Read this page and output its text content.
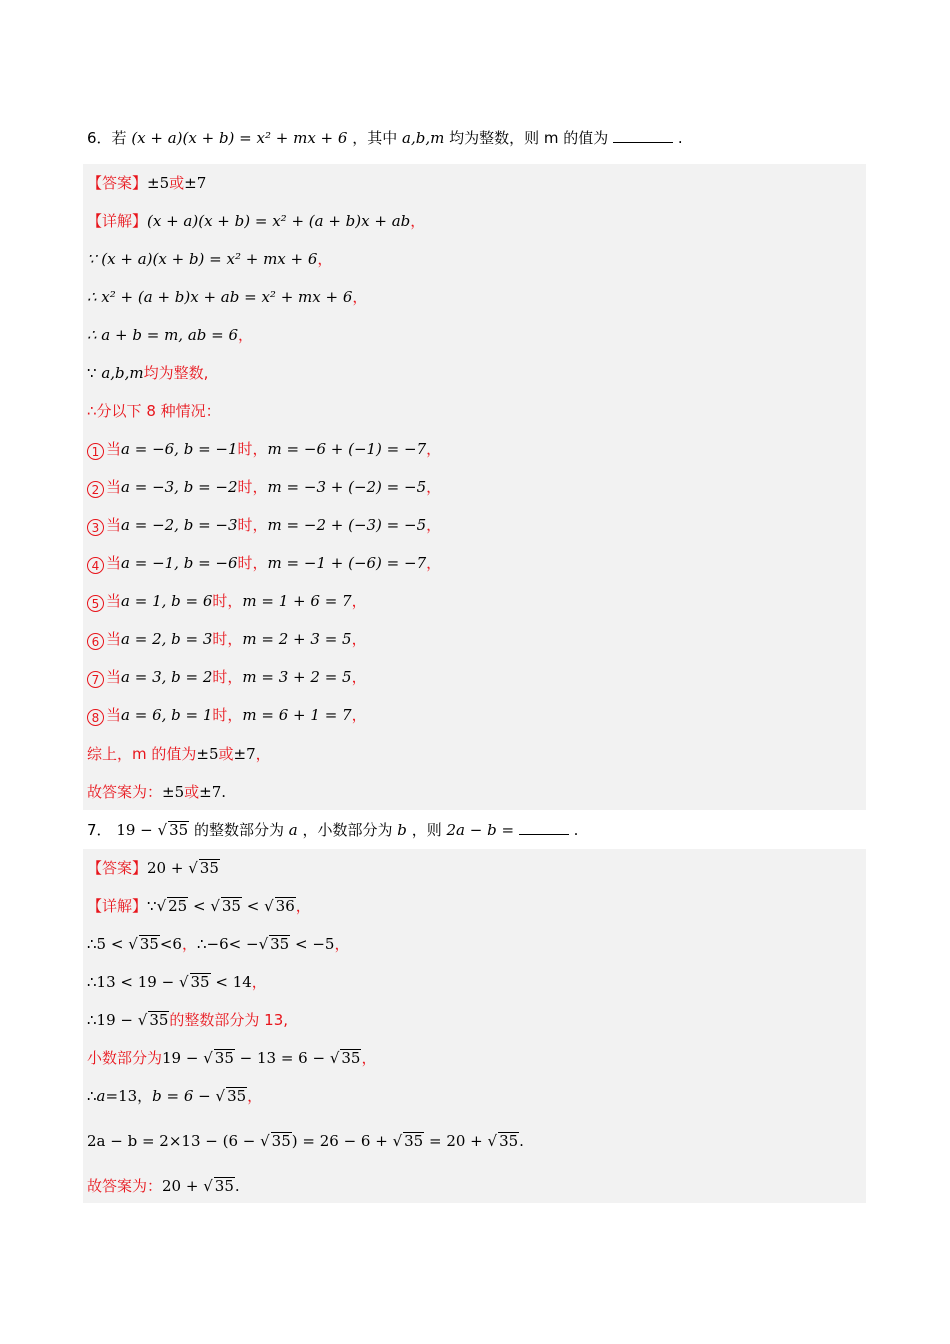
6．若 (x + a)(x + b) = x² + mx + 6 ，其中 a,b,m 均为整数，则 m 的值为	.
【答案】±5或±7
【详解】(x + a)(x + b) = x² + (a + b)x + ab，
∵ (x + a)(x + b) = x² + mx + 6，
∴ x² + (a + b)x + ab = x² + mx + 6，
∴ a + b = m, ab = 6，
∵ a,b,m均为整数,
∴分以下 8 种情况：
1 当a = −6, b = −1时，m = −6 + (−1) = −7，
2 当a = −3, b = −2时，m = −3 + (−2) = −5，
3 当a = −2, b = −3时，m = −2 + (−3) = −5，
4 当a = −1, b = −6时，m = −1 + (−6) = −7，
5 当a = 1, b = 6时，m = 1 + 6 = 7，
6 当a = 2, b = 3时，m = 2 + 3 = 5，
7 当a = 3, b = 2时，m = 3 + 2 = 5，
8 当a = 6, b = 1时，m = 6 + 1 = 7，
综上，m 的值为±5或±7，
故答案为：±5或±7.
7． 19 − √ 35 的整数部分为 a ，小数部分为 b ，则 2a − b =	.
【答案】20 + √ 35
【详解】∵√ 25 < √ 35 < √ 36，
∴5 < √ 35<6，∴−6< −√ 35 < −5，
∴13 < 19 − √ 35 < 14，
∴19 − √ 35的整数部分为 13,
小数部分为19 − √ 35 − 13 = 6 − √ 35，
∴a=13，b = 6 − √ 35，
2a − b = 2×13 − (6 − √ 35) = 26 − 6 + √ 35 = 20 + √ 35.
故答案为：20 + √ 35.
